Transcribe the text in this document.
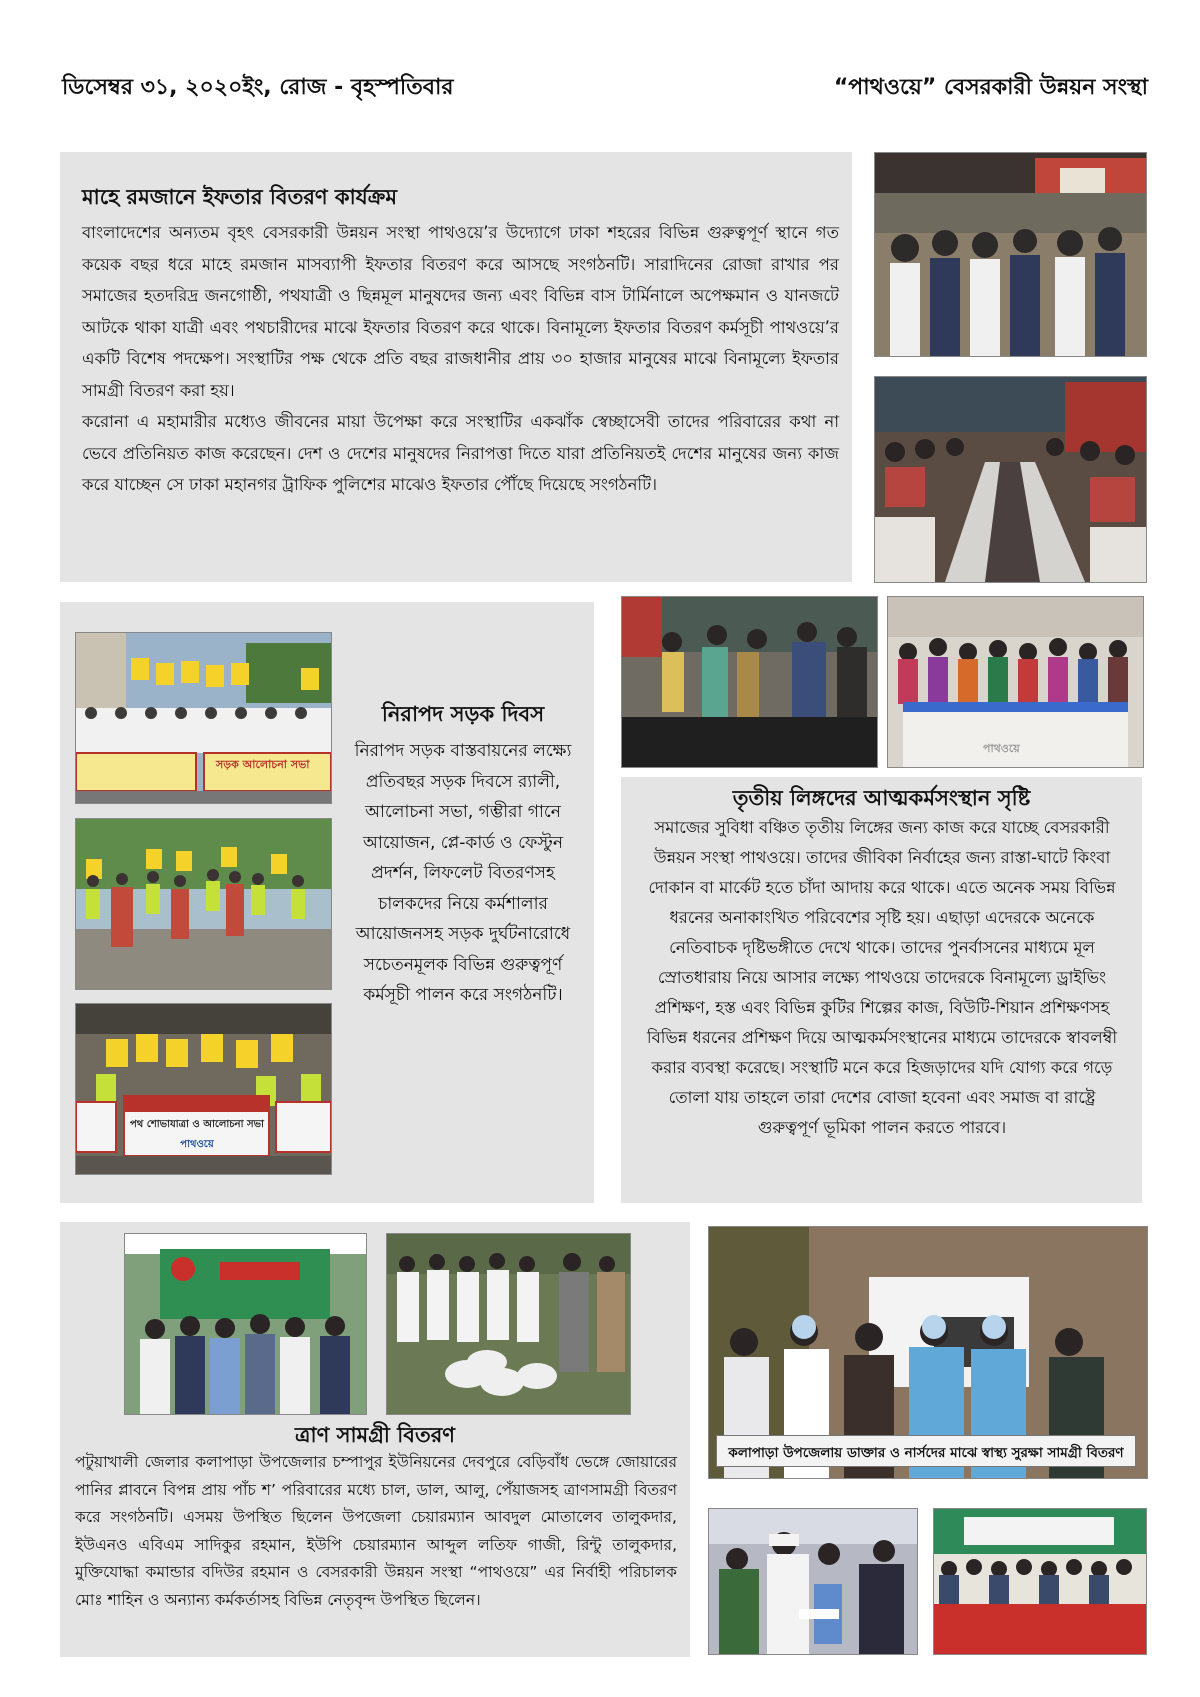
ডিসেম্বর ৩১, ২০২০ইং, রোজ - বৃহস্পতিবার	“পাথওয়ে” বেসরকারী উন্নয়ন সংস্থা
মাহে রমজানে ইফতার বিতরণ কার্যক্রম
বাংলাদেশের অন্যতম বৃহৎ বেসরকারী উন্নয়ন সংস্থা পাথওয়ে’র উদ্যোগে ঢাকা শহরের বিভিন্ন গুরুত্বপূর্ণ স্থানে গত কয়েক বছর ধরে মাহে রমজান মাসব্যাপী ইফতার বিতরণ করে আসছে সংগঠনটি। সারাদিনের রোজা রাখার পর সমাজের হতদরিদ্র জনগোষ্ঠী, পথযাত্রী ও ছিন্নমূল মানুষদের জন্য এবং বিভিন্ন বাস টার্মিনালে অপেক্ষমান ও যানজটে আটকে থাকা যাত্রী এবং পথচারীদের মাঝে ইফতার বিতরণ করে থাকে। বিনামূল্যে ইফতার বিতরণ কর্মসূচী পাথওয়ে’র একটি বিশেষ পদক্ষেপ। সংস্থাটির পক্ষ থেকে প্রতি বছর রাজধানীর প্রায় ৩০ হাজার মানুষের মাঝে বিনামূল্যে ইফতার সামগ্রী বিতরণ করা হয়।
করোনা এ মহামারীর মধ্যেও জীবনের মায়া উপেক্ষা করে সংস্থাটির একঝাঁক স্বেচ্ছাসেবী তাদের পরিবারের কথা না ভেবে প্রতিনিয়ত কাজ করেছেন। দেশ ও দেশের মানুষদের নিরাপত্তা দিতে যারা প্রতিনিয়তই দেশের মানুষের জন্য কাজ করে যাচ্ছেন সে ঢাকা মহানগর ট্রাফিক পুলিশের মাঝেও ইফতার পৌঁছে দিয়েছে সংগঠনটি।
সড়ক আলোচনা সভা
পথ শোভাযাত্রা ও আলোচনা সভা
পাথওয়ে
নিরাপদ সড়ক দিবস
নিরাপদ সড়ক বাস্তবায়নের লক্ষ্যে প্রতিবছর সড়ক দিবসে র‍্যালী, আলোচনা সভা, গম্ভীরা গানে আয়োজন, প্লে-কার্ড ও ফেস্টুন প্রদর্শন, লিফলেট বিতরণসহ চালকদের নিয়ে কর্মশালার আয়োজনসহ সড়ক দুর্ঘটনারোধে সচেতনমূলক বিভিন্ন গুরুত্বপূর্ণ কর্মসূচী পালন করে সংগঠনটি।
পাথওয়ে
তৃতীয় লিঙ্গদের আত্মকর্মসংস্থান সৃষ্টি
সমাজের সুবিধা বঞ্চিত তৃতীয় লিঙ্গের জন্য কাজ করে যাচ্ছে বেসরকারী উন্নয়ন সংস্থা পাথওয়ে। তাদের জীবিকা নির্বাহের জন্য রাস্তা-ঘাটে কিংবা দোকান বা মার্কেট হতে চাঁদা আদায় করে থাকে। এতে অনেক সময় বিভিন্ন ধরনের অনাকাংখিত পরিবেশের সৃষ্টি হয়। এছাড়া এদেরকে অনেকে নেতিবাচক দৃষ্টিভঙ্গীতে দেখে থাকে। তাদের পুনর্বাসনের মাধ্যমে মূল স্রোতধারায় নিয়ে আসার লক্ষ্যে পাথওয়ে তাদেরকে বিনামূল্যে ড্রাইভিং প্রশিক্ষণ, হস্ত এবং বিভিন্ন কুটির শিল্পের কাজ, বিউটি-শিয়ান প্রশিক্ষণসহ বিভিন্ন ধরনের প্রশিক্ষণ দিয়ে আত্মকর্মসংস্থানের মাধ্যমে তাদেরকে স্বাবলম্বী করার ব্যবস্থা করেছে। সংস্থাটি মনে করে হিজড়াদের যদি যোগ্য করে গড়ে তোলা যায় তাহলে তারা দেশের বোজা হবেনা এবং সমাজ বা রাষ্ট্রে গুরুত্বপূর্ণ ভূমিকা পালন করতে পারবে।
ত্রাণ সামগ্রী বিতরণ
পটুয়াখালী জেলার কলাপাড়া উপজেলার চম্পাপুর ইউনিয়নের দেবপুরে বেড়িবাঁধ ভেঙ্গে জোয়ারের পানির প্লাবনে বিপন্ন প্রায় পাঁচ শ’ পরিবারের মধ্যে চাল, ডাল, আলু, পেঁয়াজসহ ত্রাণসামগ্রী বিতরণ করে সংগঠনটি। এসময় উপস্থিত ছিলেন উপজেলা চেয়ারম্যান আবদুল মোতালেব তালুকদার, ইউএনও এবিএম সাদিকুর রহমান, ইউপি চেয়ারম্যান আব্দুল লতিফ গাজী, রিন্টু তালুকদার, মুক্তিযোদ্ধা কমান্ডার বদিউর রহমান ও বেসরকারী উন্নয়ন সংস্থা “পাথওয়ে” এর নির্বাহী পরিচালক মোঃ শাহিন ও অন্যান্য কর্মকর্তাসহ বিভিন্ন নেতৃবৃন্দ উপস্থিত ছিলেন।
কলাপাড়া উপজেলায় ডাক্তার ও নার্সদের মাঝে স্বাস্থ্য সুরক্ষা সামগ্রী বিতরণ
